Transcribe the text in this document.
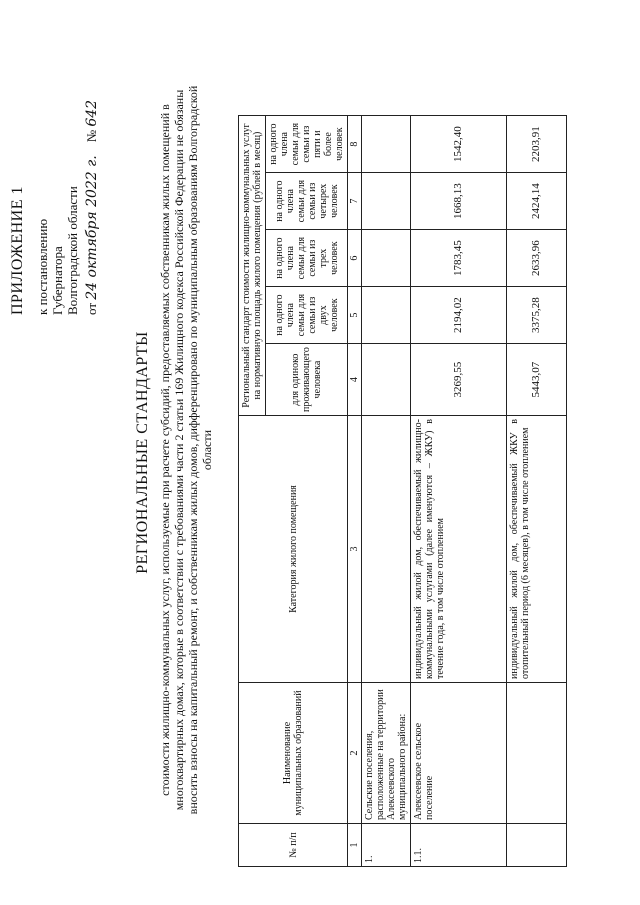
ПРИЛОЖЕНИЕ 1 к постановлению Губернатора Волгоградской области от 24 октября 2022 г.    № 642
РЕГИОНАЛЬНЫЕ СТАНДАРТЫ стоимости жилищно-коммунальных услуг, используемые при расчете субсидий, предоставляемых собственникам жилых помещений в многоквартирных домах, которые в соответствии с требованиями части 2 статьи 169 Жилищного кодекса Российской Федерации не обязаны вносить взносы на капитальный ремонт, и собственникам жилых домов, дифференцировано по муниципальным образованиям Волгоградской области
№ п/п	Наименование муниципальных образований	Категория жилого помещения	Региональный стандарт стоимости жилищно-коммунальных услуг на нормативную площадь жилого помещения (рублей в месяц)				
			для одиноко проживающего человека	на одного члена семьи для семьи из двух человек	на одного члена семьи для семьи из трех человек	на одного члена семьи для семьи из четырех человек	на одного члена семьи для семьи из пяти и более человек

1	2	3	4	5	6	7	8
1.	Сельские поселения, расположенные на территории Алексеевского муниципального района:						
1.1.	Алексеевское сельское поселение	индивидуальный жилой дом, обеспечиваемый жилищно-коммунальными услугами (далее именуются – ЖКУ) в течение года, в том числе отоплением	3269,55	2194,02	1783,45	1668,13	1542,40
		индивидуальный жилой дом, обеспечиваемый ЖКУ в отопительный период (6 месяцев), в том числе отоплением	5443,07	3375,28	2633,96	2424,14	2203,91
